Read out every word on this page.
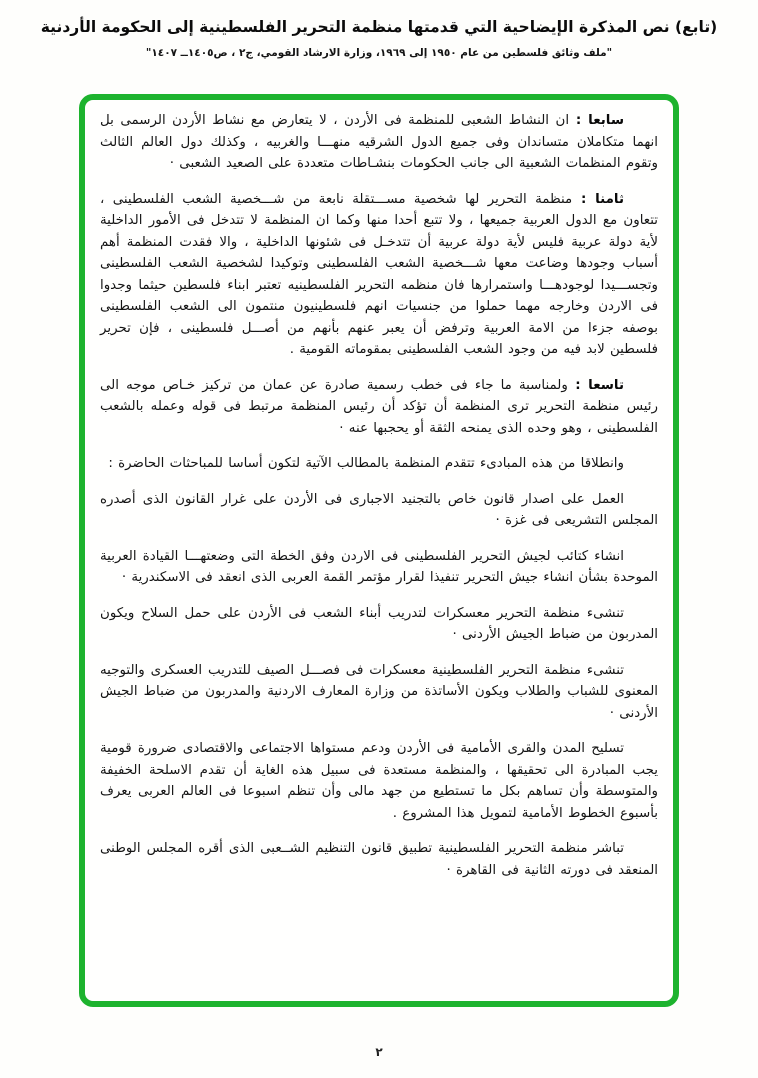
(تابع) نص المذكرة الإيضاحية التي قدمتها منظمة التحرير الفلسطينية إلى الحكومة الأردنية
"ملف وثائق فلسطين من عام ١٩٥٠ إلى ١٩٦٩، وزارة الارشاد القومي، ج٢ ، ص١٤٠٥ــ ١٤٠٧"

سابعا : ان النشاط الشعبى للمنظمة فى الأردن ، لا يتعارض مع نشاط الأردن الرسمى بل انهما متكاملان متساندان وفى جميع الدول الشرقيه منهـــا والغربيه ، وكذلك دول العالم الثالث وتقوم المنظمات الشعبية الى جانب الحكومات بنشـاطات متعددة على الصعيد الشعبى ·

ثامنا : منظمة التحرير لها شخصية مســـتقلة نابعة من شـــخصية الشعب الفلسطينى ، تتعاون مع الدول العربية جميعها ، ولا تتبع أحدا منها وكما ان المنظمة لا تتدخل فى الأمور الداخلية لأية دولة عربية فليس لأية دولة عربية أن تتدخـل فى شئونها الداخلية ، والا فقدت المنظمة أهم أسباب وجودها وضاعت معها شـــخصية الشعب الفلسطينى وتوكيدا لشخصية الشعب الفلسطينى وتجســـيدا لوجودهـــا واستمرارها فان منظمه التحرير الفلسطينيه تعتبر ابناء فلسطين حيثما وجدوا فى الاردن وخارجه مهما حملوا من جنسيات انهم فلسطينيون منتمون الى الشعب الفلسطينى بوصفه جزءا من الامة العربية وترفض أن يعبر عنهم بأنهم من أصـــل فلسطينى ، فإن تحرير فلسطين لابد فيه من وجود الشعب الفلسطينى بمقوماته القومية .

تاسعا : ولمناسبة ما جاء فى خطب رسمية صادرة عن عمان من تركيز خـاص موجه الى رئيس منظمة التحرير ترى المنظمة أن تؤكد أن رئيس المنظمة مرتبط فى قوله وعمله بالشعب الفلسطينى ، وهو وحده الذى يمنحه الثقة أو يحجبها عنه ·

وانطلاقا من هذه المبادىء تتقدم المنظمة بالمطالب الآتية لتكون أساسا للمباحثات الحاضرة :

العمل على اصدار قانون خاص بالتجنيد الاجبارى فى الأردن على غرار القانون الذى أصدره المجلس التشريعى فى غزة ·

انشاء كتائب لجيش التحرير الفلسطينى فى الاردن وفق الخطة التى وضعتهـــا القيادة العربية الموحدة بشأن انشاء جيش التحرير تنفيذا لقرار مؤتمر القمة العربى الذى انعقد فى الاسكندرية ·

تنشىء منظمة التحرير معسكرات لتدريب أبناء الشعب فى الأردن على حمل السلاح ويكون المدربون من ضباط الجيش الأردنى ·

تنشىء منظمة التحرير الفلسطينية معسكرات فى فصـــل الصيف للتدريب العسكرى والتوجيه المعنوى للشباب والطلاب ويكون الأساتذة من وزارة المعارف الاردنية والمدربون من ضباط الجيش الأردنى ·

تسليح المدن والقرى الأمامية فى الأردن ودعم مستواها الاجتماعى والاقتصادى ضرورة قومية يجب المبادرة الى تحقيقها ، والمنظمة مستعدة فى سبيل هذه الغاية أن تقدم الاسلحة الخفيفة والمتوسطة وأن تساهم بكل ما تستطيع من جهد مالى وأن تنظم اسبوعا فى العالم العربى يعرف بأسبوع الخطوط الأمامية لتمويل هذا المشروع .

تباشر منظمة التحرير الفلسطينية تطبيق قانون التنظيم الشــعبى الذى أقره المجلس الوطنى المنعقد فى دورته الثانية فى القاهرة ·

٢
